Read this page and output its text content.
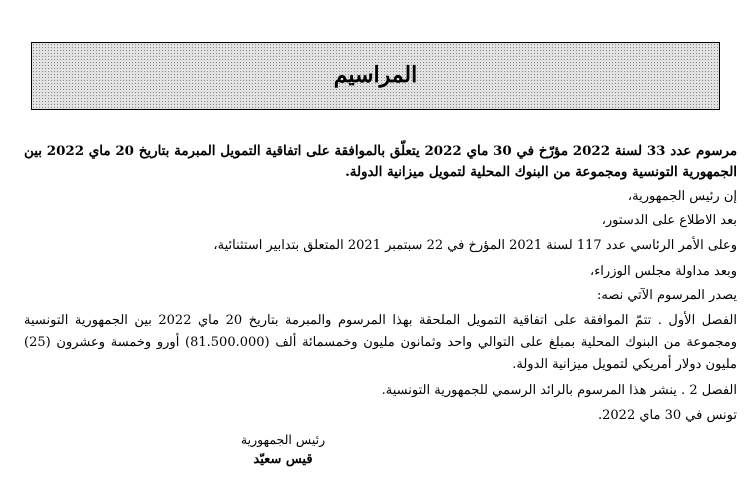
المراسيم
مرسوم عدد 33 لسنة 2022 مؤرّخ في 30 ماي 2022 يتعلّق بالموافقة على اتفاقية التمويل المبرمة بتاريخ 20 ماي 2022 بين
الجمهورية التونسية ومجموعة من البنوك المحلية لتمويل ميزانية الدولة.
إن رئيس الجمهورية،
بعد الاطلاع على الدستور،
وعلى الأمر الرئاسي عدد 117 لسنة 2021 المؤرخ في 22 سبتمبر 2021 المتعلق بتدابير استثنائية،
وبعد مداولة مجلس الوزراء،
يصدر المرسوم الآتي نصه:
الفصل الأول . تتمّ الموافقة على اتفاقية التمويل الملحقة بهذا المرسوم والمبرمة بتاريخ 20 ماي 2022 بين الجمهورية التونسية
ومجموعة من البنوك المحلية بمبلغ على التوالي واحد وثمانون مليون وخمسمائة ألف (81.500.000) أورو وخمسة وعشرون (25)
مليون دولار أمريكي لتمويل ميزانية الدولة.
الفصل 2 . ينشر هذا المرسوم بالرائد الرسمي للجمهورية التونسية.
تونس في 30 ماي 2022.
رئيس الجمهورية
قيس سعيّد
